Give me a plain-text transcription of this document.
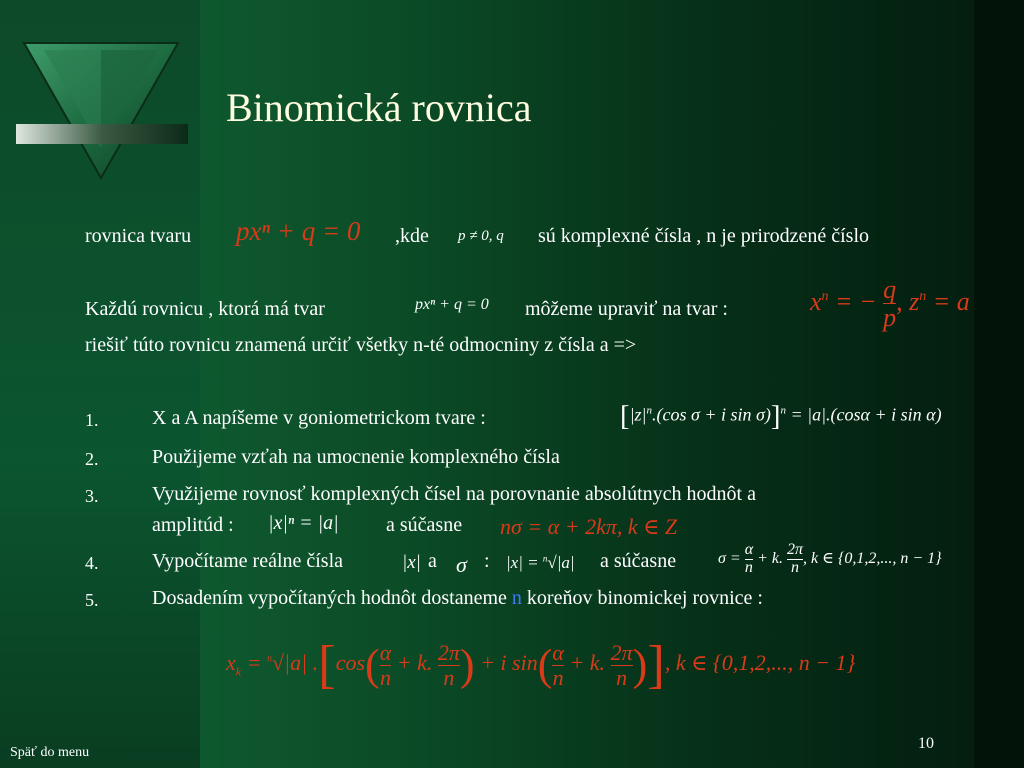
Binomická rovnica
rovnica tvaru pxⁿ + q = 0 ,kde p ≠ 0, q sú komplexné čísla , n je prirodzené číslo
Každú rovnicu , ktorá má tvar	pxⁿ + q = 0 môžeme upraviť na tvar :	$x^n$ = − $\frac{q}{p}$ , $z^n = a$
riešiť túto rovnicu znamená určiť všetky n-té odmocniny z čísla a =>
1.	X a A napíšeme v goniometrickom tvare :	[$|z|^n.(\cos$ σ + i sin σ)]$^n$ = |a|.(cosα + i sin α)
2.	Použijeme vzťah na umocnenie komplexného čísla
3.	Využijeme rovnosť komplexných čísel na porovnanie absolútnych hodnôt a
amplitúd : |x|ⁿ = |a| a súčasne nσ = α + 2kπ, k ∈ Z
4.	Vypočítame reálne čísla	|x| a σ : |x| = $^n$√|a| a súčasne	$\sigma = \frac{\alpha}{n} + k$. $\frac{2\pi}{n}$ , k ∈ {0,1,2,..., n − 1}
5.	Dosadením vypočítaných hodnôt dostaneme n koreňov binomickej rovnice :
$x_k = ^n√|a|$ $.[\cos( \frac{\alpha}{n} + k$. $\frac{2\pi}{n}$ ) + i $\sin( \frac{\alpha}{n} + k$. $\frac{2\pi}{n}$ )], k ∈ {0,1,2,..., n − 1}
Späť do menu
10
